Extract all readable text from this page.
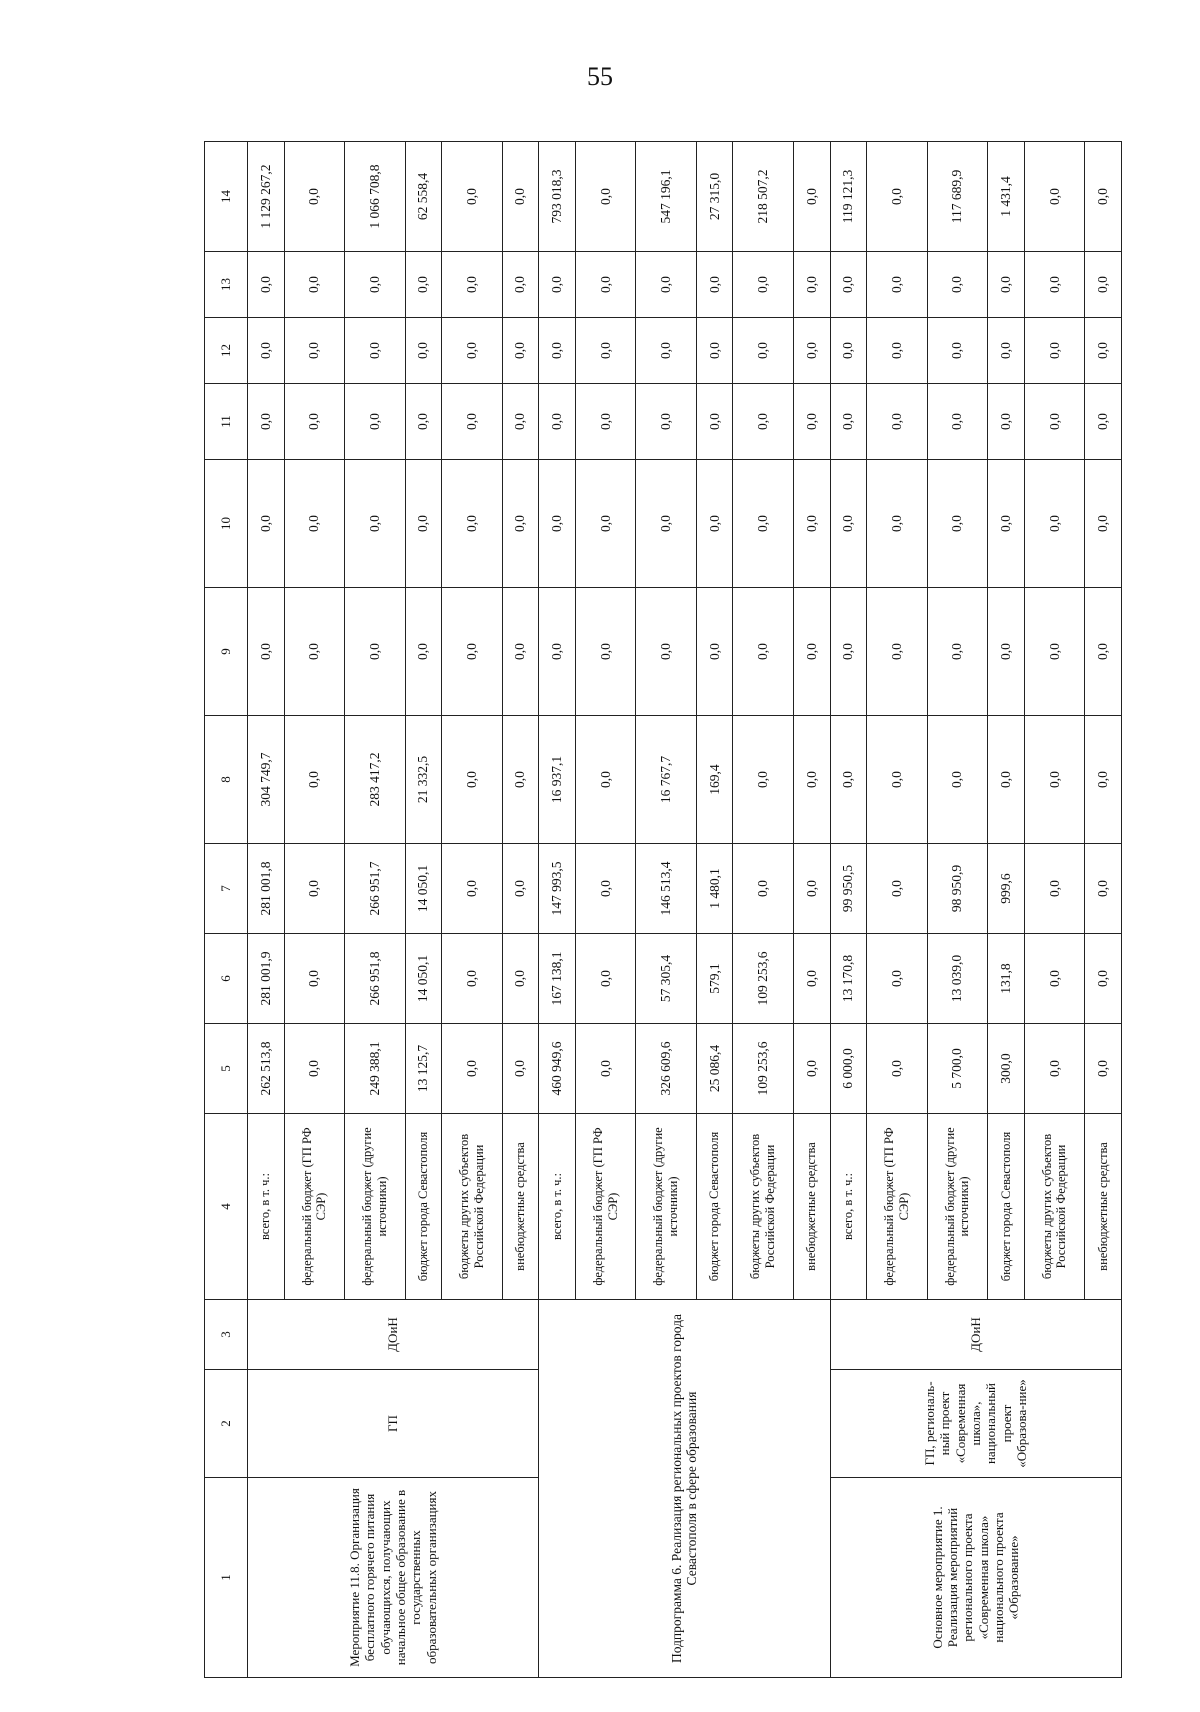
55
1	2	3	4	5	6	7	8	9	10	11	12	13	14
Мероприятие 11.8. Организация бесплатного горячего питания обучающихся, получающих начальное общее образование в государственных образовательных организациях	ГП	ДОиН	всего, в т. ч.:	262 513,8	281 001,9	281 001,8	304 749,7	0,0	0,0	0,0	0,0	0,0	1 129 267,2
			федеральный бюджет (ГП РФ СЭР)	0,0	0,0	0,0	0,0	0,0	0,0	0,0	0,0	0,0	0,0
			федеральный бюджет (другие источники)	249 388,1	266 951,8	266 951,7	283 417,2	0,0	0,0	0,0	0,0	0,0	1 066 708,8
			бюджет города Севастополя	13 125,7	14 050,1	14 050,1	21 332,5	0,0	0,0	0,0	0,0	0,0	62 558,4
			бюджеты других субъектов Российской Федерации	0,0	0,0	0,0	0,0	0,0	0,0	0,0	0,0	0,0	0,0
			внебюджетные средства	0,0	0,0	0,0	0,0	0,0	0,0	0,0	0,0	0,0	0,0
Подпрограмма 6. Реализация региональных проектов города Севастополя в сфере образования			всего, в т. ч.:	460 949,6	167 138,1	147 993,5	16 937,1	0,0	0,0	0,0	0,0	0,0	793 018,3
			федеральный бюджет (ГП РФ СЭР)	0,0	0,0	0,0	0,0	0,0	0,0	0,0	0,0	0,0	0,0
			федеральный бюджет (другие источники)	326 609,6	57 305,4	146 513,4	16 767,7	0,0	0,0	0,0	0,0	0,0	547 196,1
			бюджет города Севастополя	25 086,4	579,1	1 480,1	169,4	0,0	0,0	0,0	0,0	0,0	27 315,0
			бюджеты других субъектов Российской Федерации	109 253,6	109 253,6	0,0	0,0	0,0	0,0	0,0	0,0	0,0	218 507,2
			внебюджетные средства	0,0	0,0	0,0	0,0	0,0	0,0	0,0	0,0	0,0	0,0
Основное мероприятие 1. Реализация мероприятий регионального проекта «Современная школа» национального проекта «Образование»	ГП, региональ-ный проект «Современная школа», национальный проект «Образова-ние»	ДОиН	всего, в т. ч.:	6 000,0	13 170,8	99 950,5	0,0	0,0	0,0	0,0	0,0	0,0	119 121,3
			федеральный бюджет (ГП РФ СЭР)	0,0	0,0	0,0	0,0	0,0	0,0	0,0	0,0	0,0	0,0
			федеральный бюджет (другие источники)	5 700,0	13 039,0	98 950,9	0,0	0,0	0,0	0,0	0,0	0,0	117 689,9
			бюджет города Севастополя	300,0	131,8	999,6	0,0	0,0	0,0	0,0	0,0	0,0	1 431,4
			бюджеты других субъектов Российской Федерации	0,0	0,0	0,0	0,0	0,0	0,0	0,0	0,0	0,0	0,0
			внебюджетные средства	0,0	0,0	0,0	0,0	0,0	0,0	0,0	0,0	0,0	0,0
